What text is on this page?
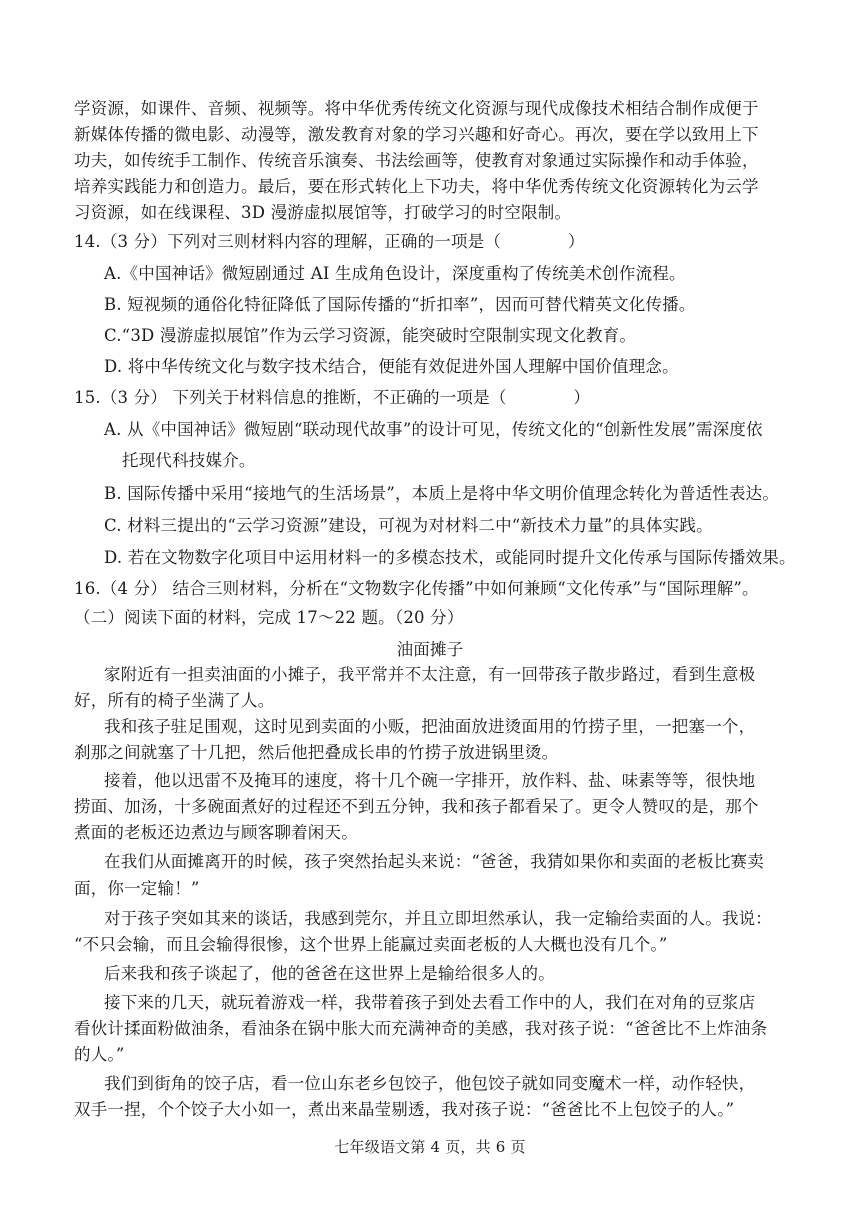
学资源，如课件、音频、视频等。将中华优秀传统文化资源与现代成像技术相结合制作成便于
新媒体传播的微电影、动漫等，激发教育对象的学习兴趣和好奇心。再次，要在学以致用上下
功夫，如传统手工制作、传统音乐演奏、书法绘画等，使教育对象通过实际操作和动手体验，
培养实践能力和创造力。最后，要在形式转化上下功夫，将中华优秀传统文化资源转化为云学
习资源，如在线课程、3D 漫游虚拟展馆等，打破学习的时空限制。
14.（3 分）下列对三则材料内容的理解，正确的一项是（　　　　）
A.《中国神话》微短剧通过 AI 生成角色设计，深度重构了传统美术创作流程。
B. 短视频的通俗化特征降低了国际传播的“折扣率”，因而可替代精英文化传播。
C.“3D 漫游虚拟展馆”作为云学习资源，能突破时空限制实现文化教育。
D. 将中华传统文化与数字技术结合，便能有效促进外国人理解中国价值理念。
15.（3 分） 下列关于材料信息的推断，不正确的一项是（　　　　）
A. 从《中国神话》微短剧“联动现代故事”的设计可见，传统文化的“创新性发展”需深度依
托现代科技媒介。
B. 国际传播中采用“接地气的生活场景”，本质上是将中华文明价值理念转化为普适性表达。
C. 材料三提出的“云学习资源”建设，可视为对材料二中“新技术力量”的具体实践。
D. 若在文物数字化项目中运用材料一的多模态技术，或能同时提升文化传承与国际传播效果。
16.（4 分） 结合三则材料，分析在“文物数字化传播”中如何兼顾“文化传承”与“国际理解”。
（二）阅读下面的材料，完成 17～22 题。（20 分）
油面摊子
家附近有一担卖油面的小摊子，我平常并不太注意，有一回带孩子散步路过，看到生意极
好，所有的椅子坐满了人。
我和孩子驻足围观，这时见到卖面的小贩，把油面放进烫面用的竹捞子里，一把塞一个，
刹那之间就塞了十几把，然后他把叠成长串的竹捞子放进锅里烫。
接着，他以迅雷不及掩耳的速度，将十几个碗一字排开，放作料、盐、味素等等，很快地
捞面、加汤，十多碗面煮好的过程还不到五分钟，我和孩子都看呆了。更令人赞叹的是，那个
煮面的老板还边煮边与顾客聊着闲天。
在我们从面摊离开的时候，孩子突然抬起头来说：“爸爸，我猜如果你和卖面的老板比赛卖
面，你一定输！”
对于孩子突如其来的谈话，我感到莞尔，并且立即坦然承认，我一定输给卖面的人。我说：
“不只会输，而且会输得很惨，这个世界上能赢过卖面老板的人大概也没有几个。”
后来我和孩子谈起了，他的爸爸在这世界上是输给很多人的。
接下来的几天，就玩着游戏一样，我带着孩子到处去看工作中的人，我们在对角的豆浆店
看伙计揉面粉做油条，看油条在锅中胀大而充满神奇的美感，我对孩子说：“爸爸比不上炸油条
的人。”
我们到街角的饺子店，看一位山东老乡包饺子，他包饺子就如同变魔术一样，动作轻快，
双手一捏，个个饺子大小如一，煮出来晶莹剔透，我对孩子说：“爸爸比不上包饺子的人。”
七年级语文第 4 页，共 6 页
